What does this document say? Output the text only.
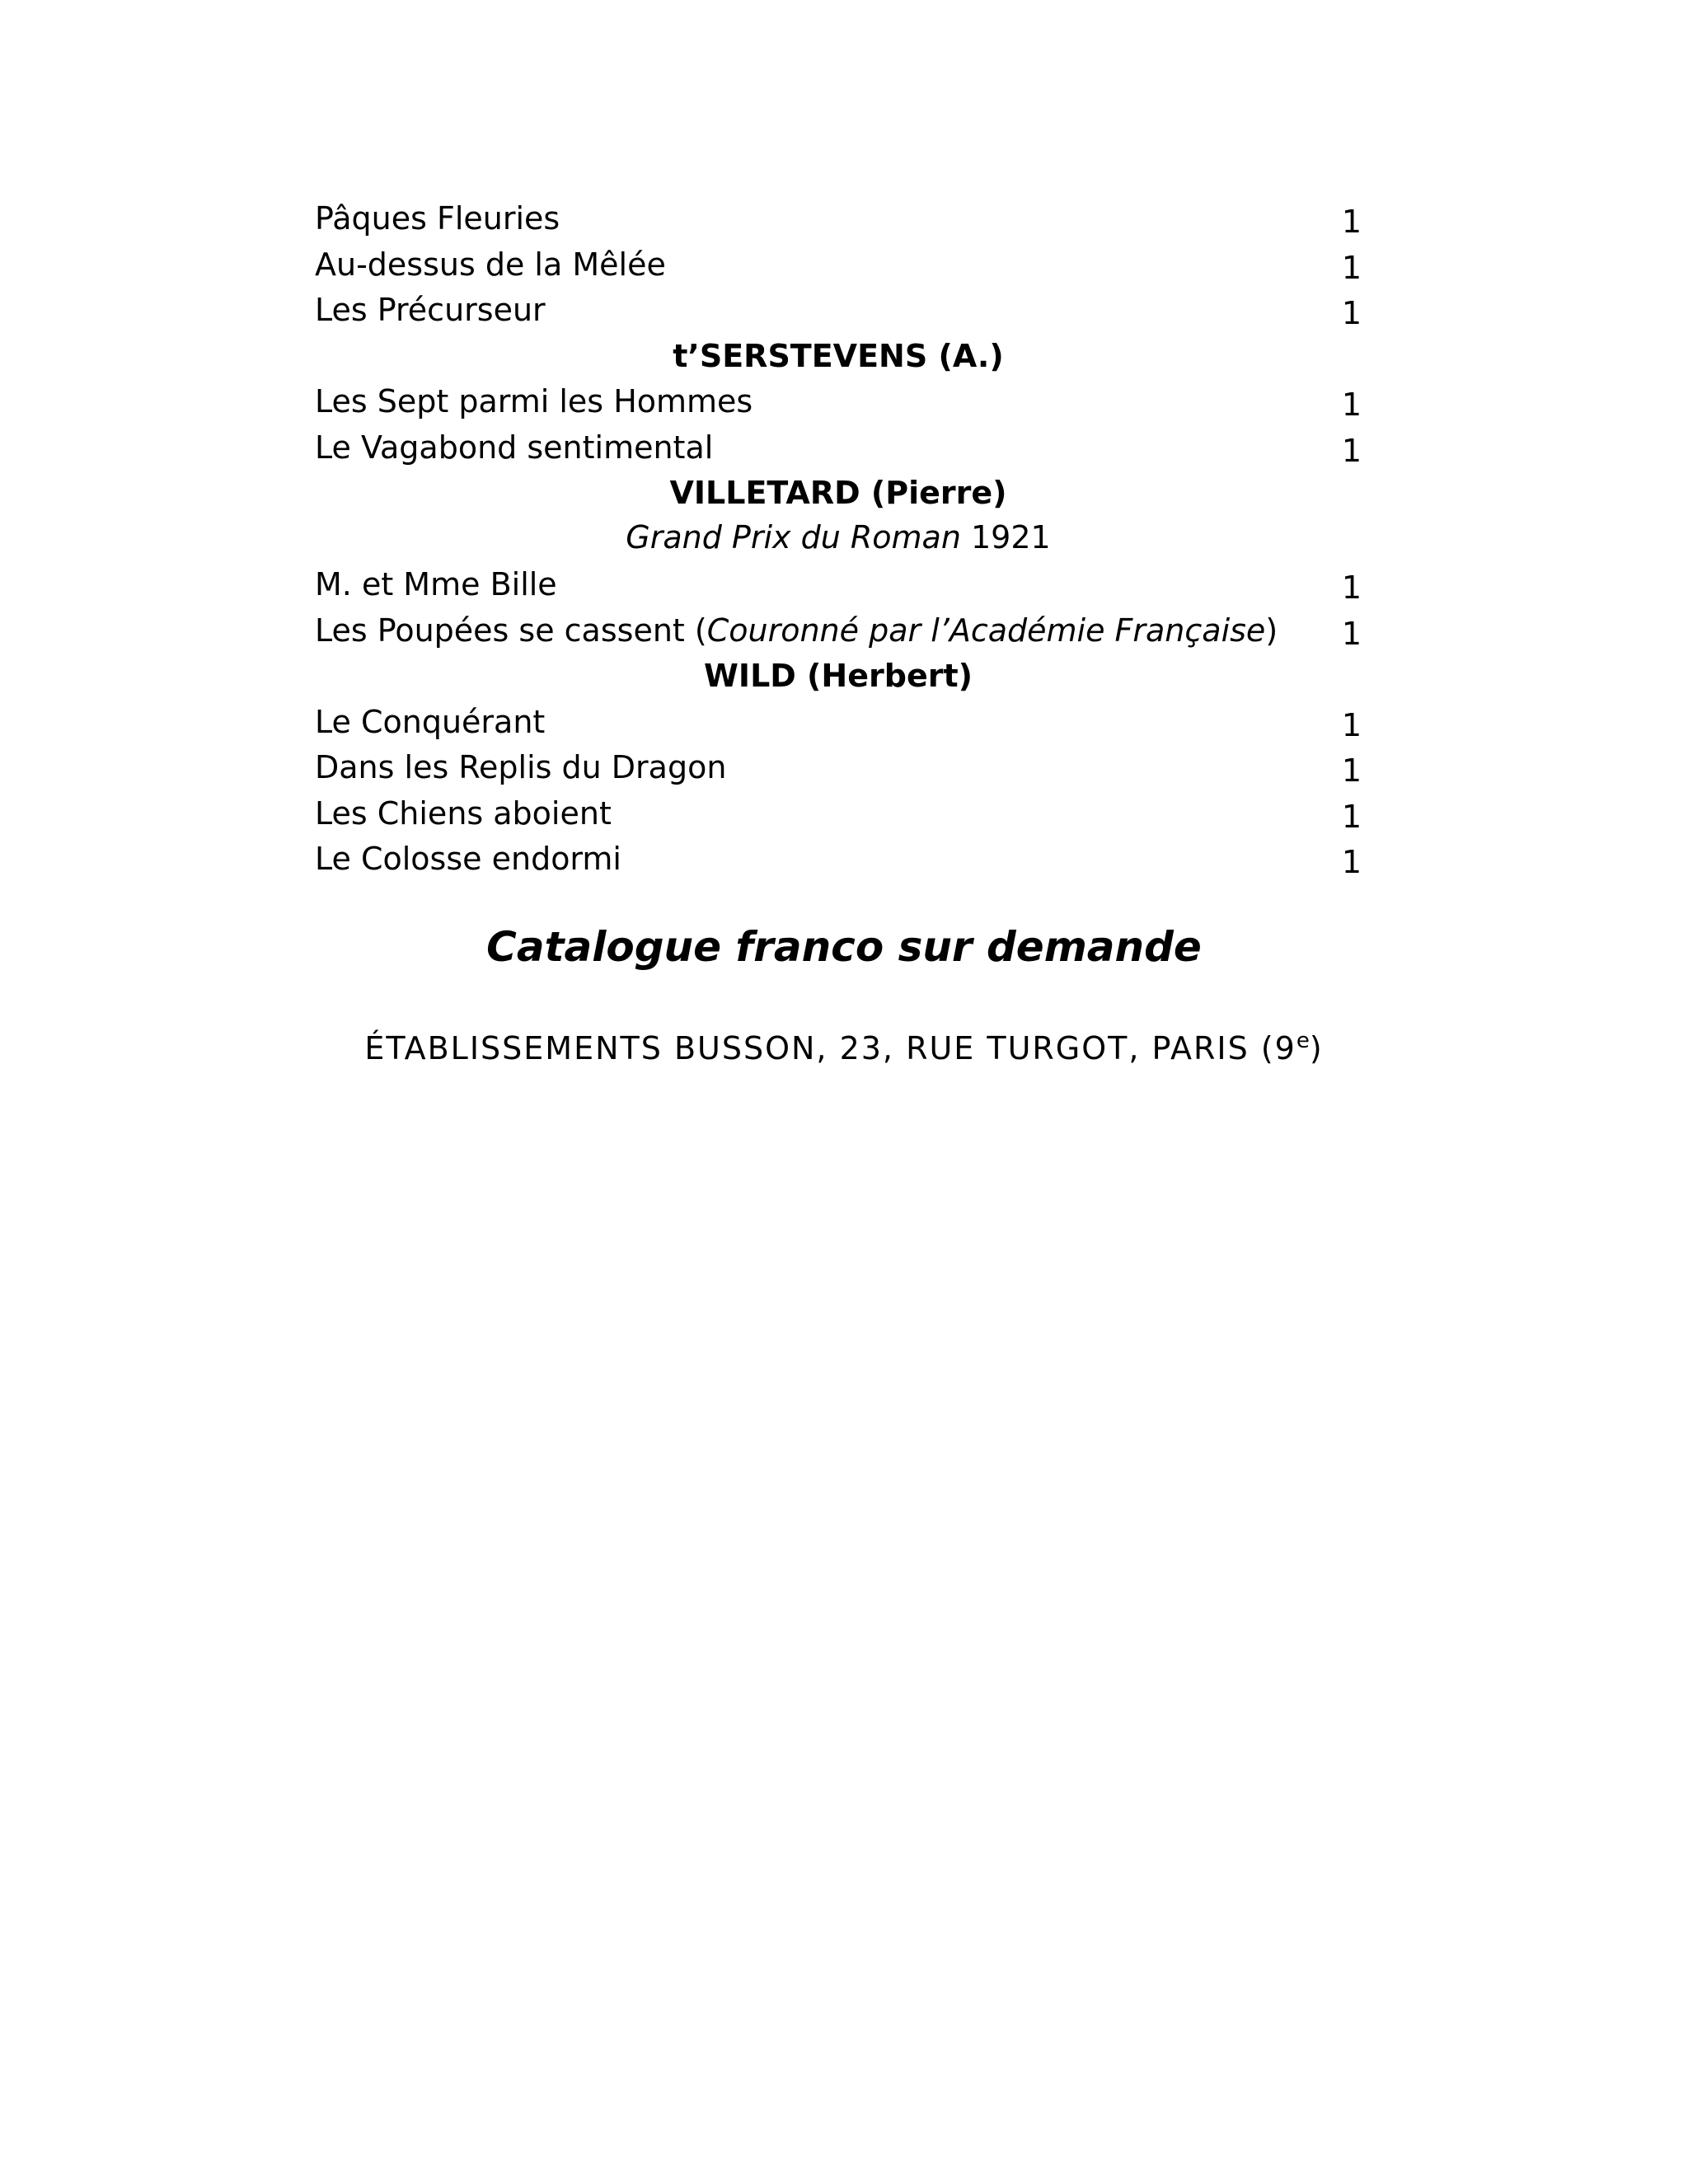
Pâques Fleuries	1
Au-dessus de la Mêlée	1
Les Précurseur	1
t’SERSTEVENS (A.)
Les Sept parmi les Hommes	1
Le Vagabond sentimental	1
VILLETARD (Pierre)
Grand Prix du Roman 1921
M. et Mme Bille	1
Les Poupées se cassent (Couronné par l’Académie Française) 1
WILD (Herbert)
Le Conquérant	1
Dans les Replis du Dragon	1
Les Chiens aboient	1
Le Colosse endormi	1
Catalogue franco sur demande
ÉTABLISSEMENTS BUSSON, 23, RUE TURGOT, PARIS (9e)
